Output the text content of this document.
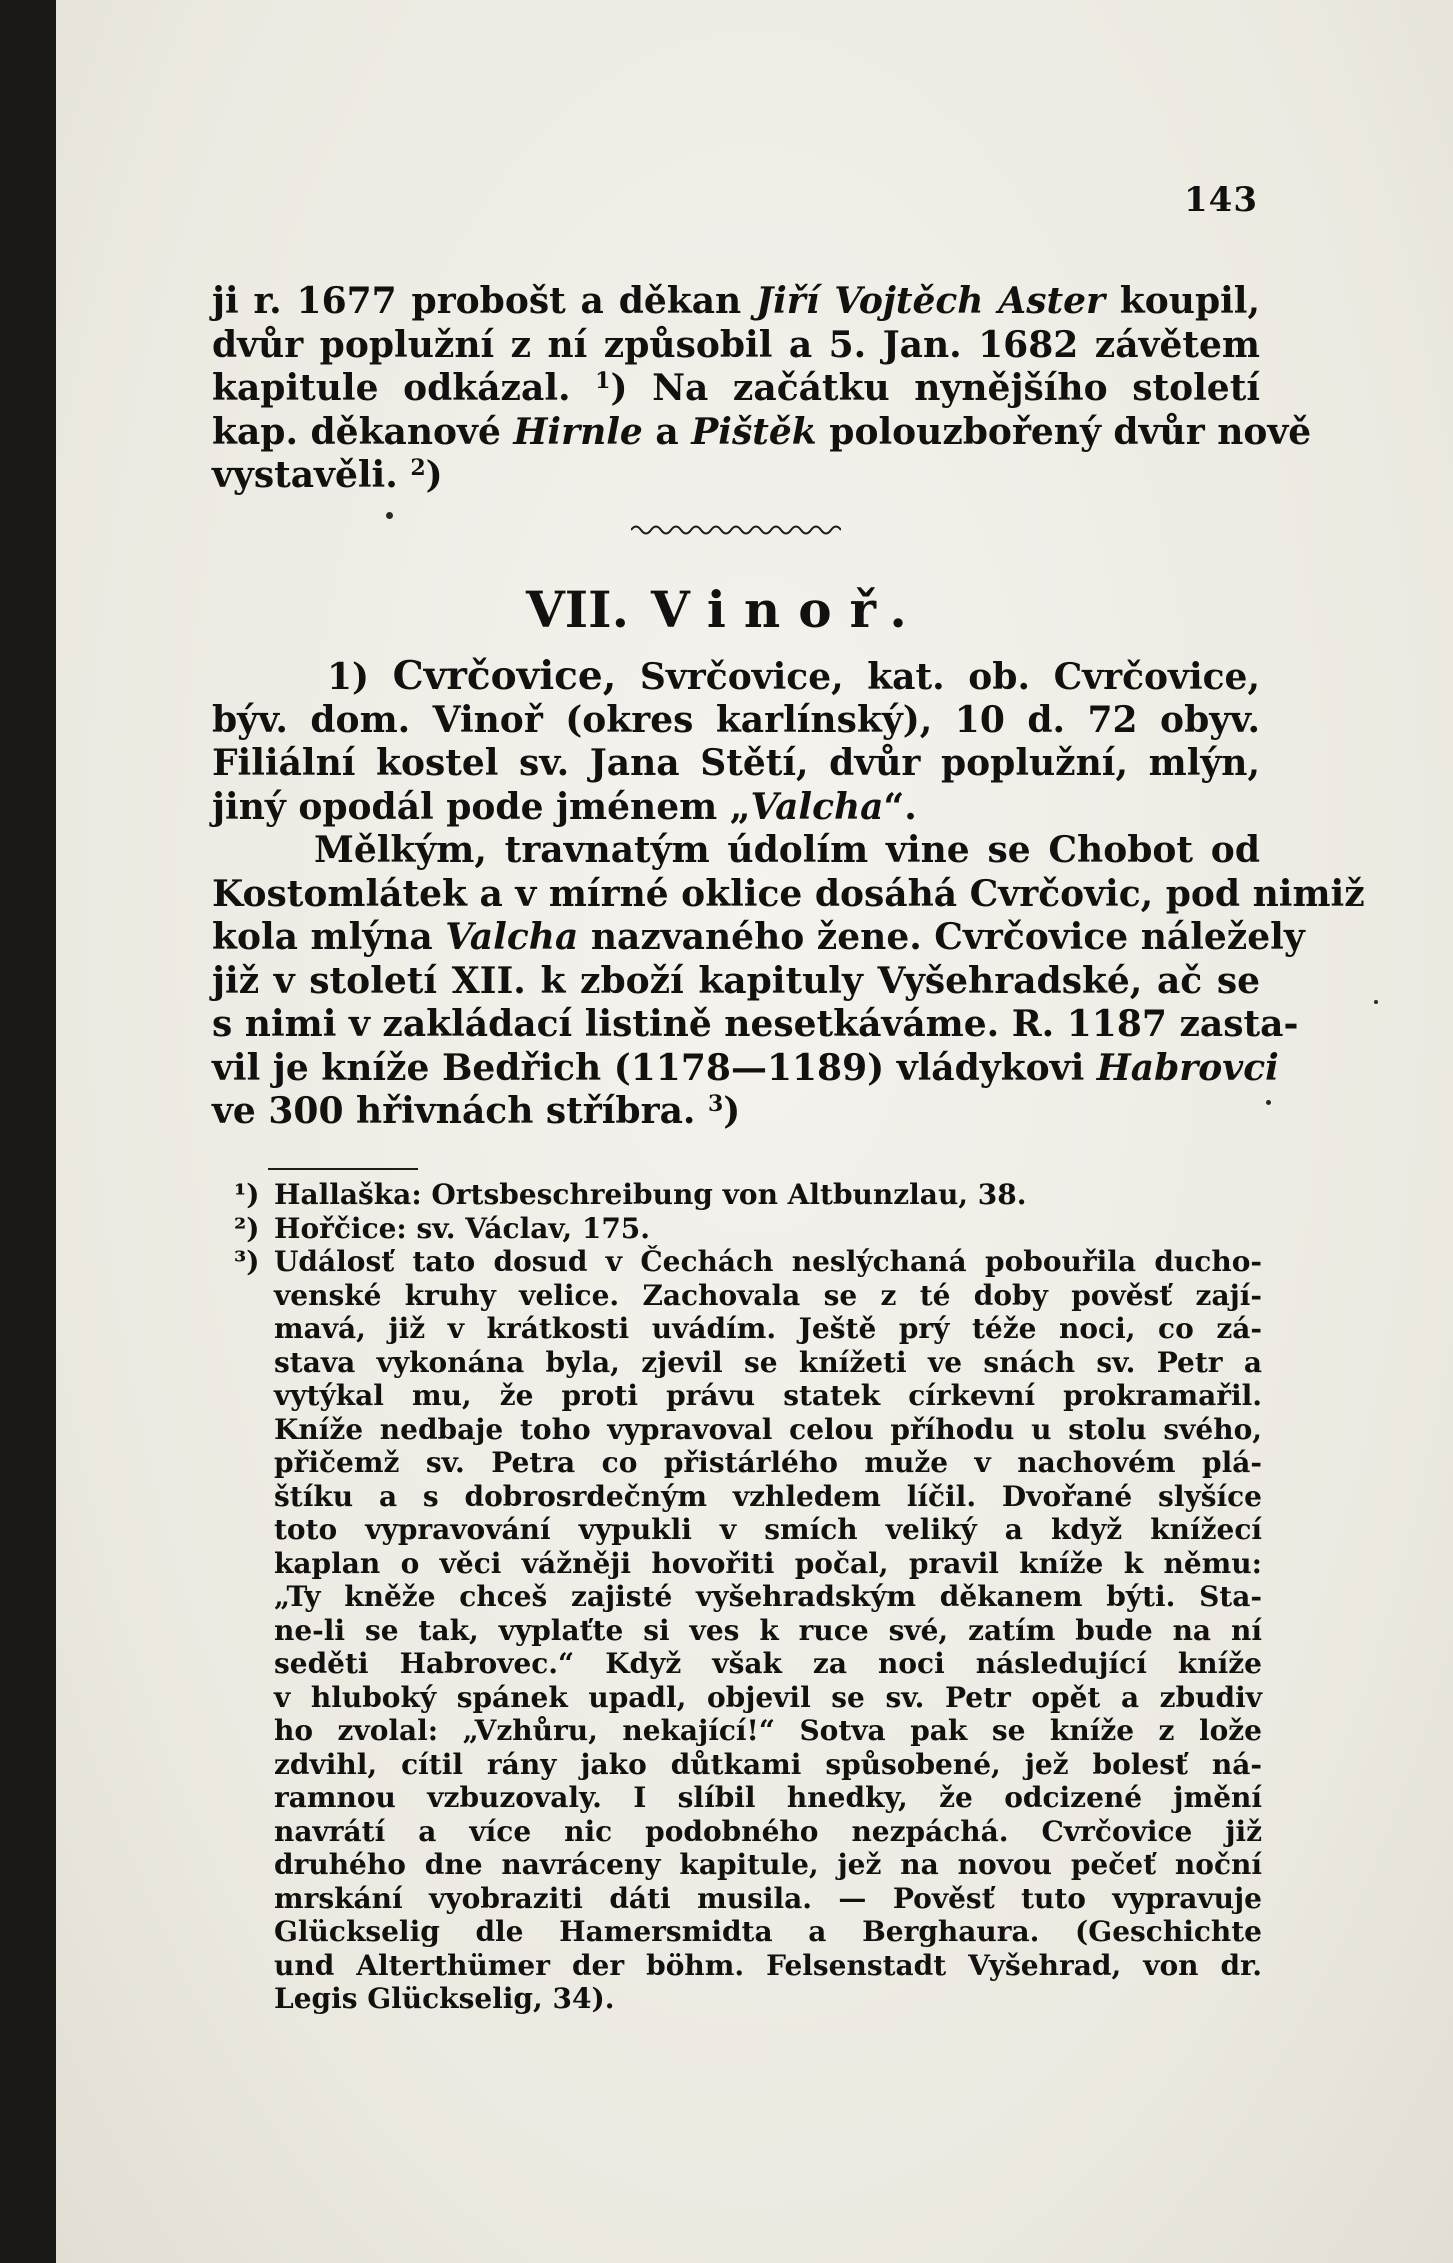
143
ji r. 1677 probošt a děkan Jiří Vojtěch Aster koupil,
dvůr poplužní z ní způsobil a 5. Jan. 1682 závětem
kapitule odkázal. $^1$) Na začátku nynějšího století
kap. děkanové Hirnle a Pištěk polouzbořený dvůr nově
vystavěli. $^2$)
VII. Vinoř.
1) Cvrčovice, Svrčovice, kat. ob. Cvrčovice,
býv. dom. Vinoř (okres karlínský), 10 d. 72 obyv.
Filiální kostel sv. Jana Stětí, dvůr poplužní, mlýn,
jiný opodál pode jménem „Valcha“.
Mělkým, travnatým údolím vine se Chobot od
Kostomlátek a v mírné oklice dosáhá Cvrčovic, pod nimiž
kola mlýna Valcha nazvaného žene. Cvrčovice náležely
již v století XII. k zboží kapituly Vyšehradské, ač se
s nimi v zakládací listině nesetkáváme. R. 1187 zasta-
vil je kníže Bedřich (1178—1189) vládykovi Habrovci
ve 300 hřivnách stříbra. $^3$)
¹) Hallaška: Ortsbeschreibung von Altbunzlau, 38.
²) Hořčice: sv. Václav, 175.
³) Událosť tato dosud v Čechách neslýchaná pobouřila ducho-
venské kruhy velice. Zachovala se z té doby pověsť zají-
mavá, již v krátkosti uvádím. Ještě prý téže noci, co zá-
stava vykonána byla, zjevil se knížeti ve snách sv. Petr a
vytýkal mu, že proti právu statek církevní prokramařil.
Kníže nedbaje toho vypravoval celou příhodu u stolu svého,
přičemž sv. Petra co přistárlého muže v nachovém plá-
štíku a s dobrosrdečným vzhledem líčil. Dvořané slyšíce
toto vypravování vypukli v smích veliký a když knížecí
kaplan o věci vážněji hovořiti počal, pravil kníže k němu:
„Ty kněže chceš zajisté vyšehradským děkanem býti. Sta-
ne-li se tak, vyplaťte si ves k ruce své, zatím bude na ní
seděti Habrovec.“ Když však za noci následující kníže
v hluboký spánek upadl, objevil se sv. Petr opět a zbudiv
ho zvolal: „Vzhůru, nekající!“ Sotva pak se kníže z lože
zdvihl, cítil rány jako důtkami spůsobené, jež bolesť ná-
ramnou vzbuzovaly. I slíbil hnedky, že odcizené jmění
navrátí a více nic podobného nezpáchá. Cvrčovice již
druhého dne navráceny kapitule, jež na novou pečeť noční
mrskání vyobraziti dáti musila. — Pověsť tuto vypravuje
Glückselig dle Hamersmidta a Berghaura. (Geschichte
und Alterthümer der böhm. Felsenstadt Vyšehrad, von dr.
Legis Glückselig, 34).
